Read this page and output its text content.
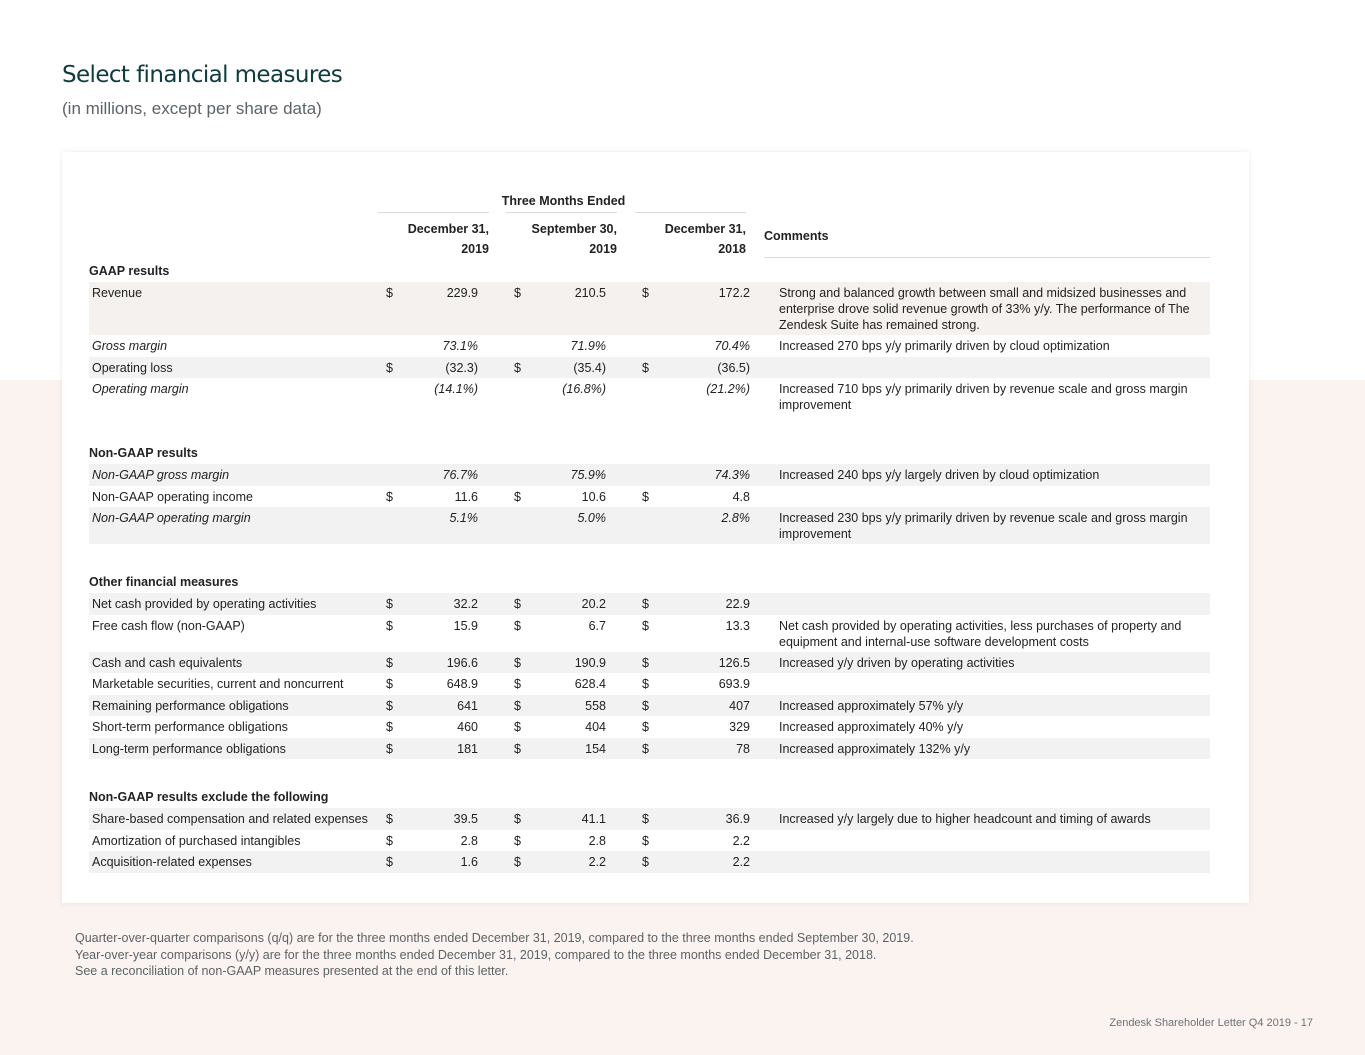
Select financial measures
(in millions, except per share data)
Three Months Ended
December 31,
2019
September 30,
2019
December 31,
2018
Comments
GAAP results
Revenue	$	229.9	$	210.5	$	172.2	Strong and balanced growth between small and midsized businesses and enterprise drove solid revenue growth of 33% y/y. The performance of The Zendesk Suite has remained strong.
Gross margin	73.1%	71.9%	70.4%	Increased 270 bps y/y primarily driven by cloud optimization
Operating loss	$	(32.3)	$	(35.4)	$	(36.5)
Operating margin	(14.1%)	(16.8%)	(21.2%)	Increased 710 bps y/y primarily driven by revenue scale and gross margin improvement
Non-GAAP results
Non-GAAP gross margin	76.7%	75.9%	74.3%	Increased 240 bps y/y largely driven by cloud optimization
Non-GAAP operating income	$	11.6	$	10.6	$	4.8
Non-GAAP operating margin	5.1%	5.0%	2.8%	Increased 230 bps y/y primarily driven by revenue scale and gross margin improvement
Other financial measures
Net cash provided by operating activities	$	32.2	$	20.2	$	22.9
Free cash flow (non-GAAP)	$	15.9	$	6.7	$	13.3	Net cash provided by operating activities, less purchases of property and equipment and internal-use software development costs
Cash and cash equivalents	$	196.6	$	190.9	$	126.5	Increased y/y driven by operating activities
Marketable securities, current and noncurrent	$	648.9	$	628.4	$	693.9
Remaining performance obligations	$	641	$	558	$	407	Increased approximately 57% y/y
Short-term performance obligations	$	460	$	404	$	329	Increased approximately 40% y/y
Long-term performance obligations	$	181	$	154	$	78	Increased approximately 132% y/y
Non-GAAP results exclude the following
Share-based compensation and related expenses	$	39.5	$	41.1	$	36.9	Increased y/y largely due to higher headcount and timing of awards
Amortization of purchased intangibles	$	2.8	$	2.8	$	2.2
Acquisition-related expenses	$	1.6	$	2.2	$	2.2
Quarter-over-quarter comparisons (q/q) are for the three months ended December 31, 2019, compared to the three months ended September 30, 2019.
Year-over-year comparisons (y/y) are for the three months ended December 31, 2019, compared to the three months ended December 31, 2018.
See a reconciliation of non-GAAP measures presented at the end of this letter.
Zendesk Shareholder Letter Q4 2019 - 17
